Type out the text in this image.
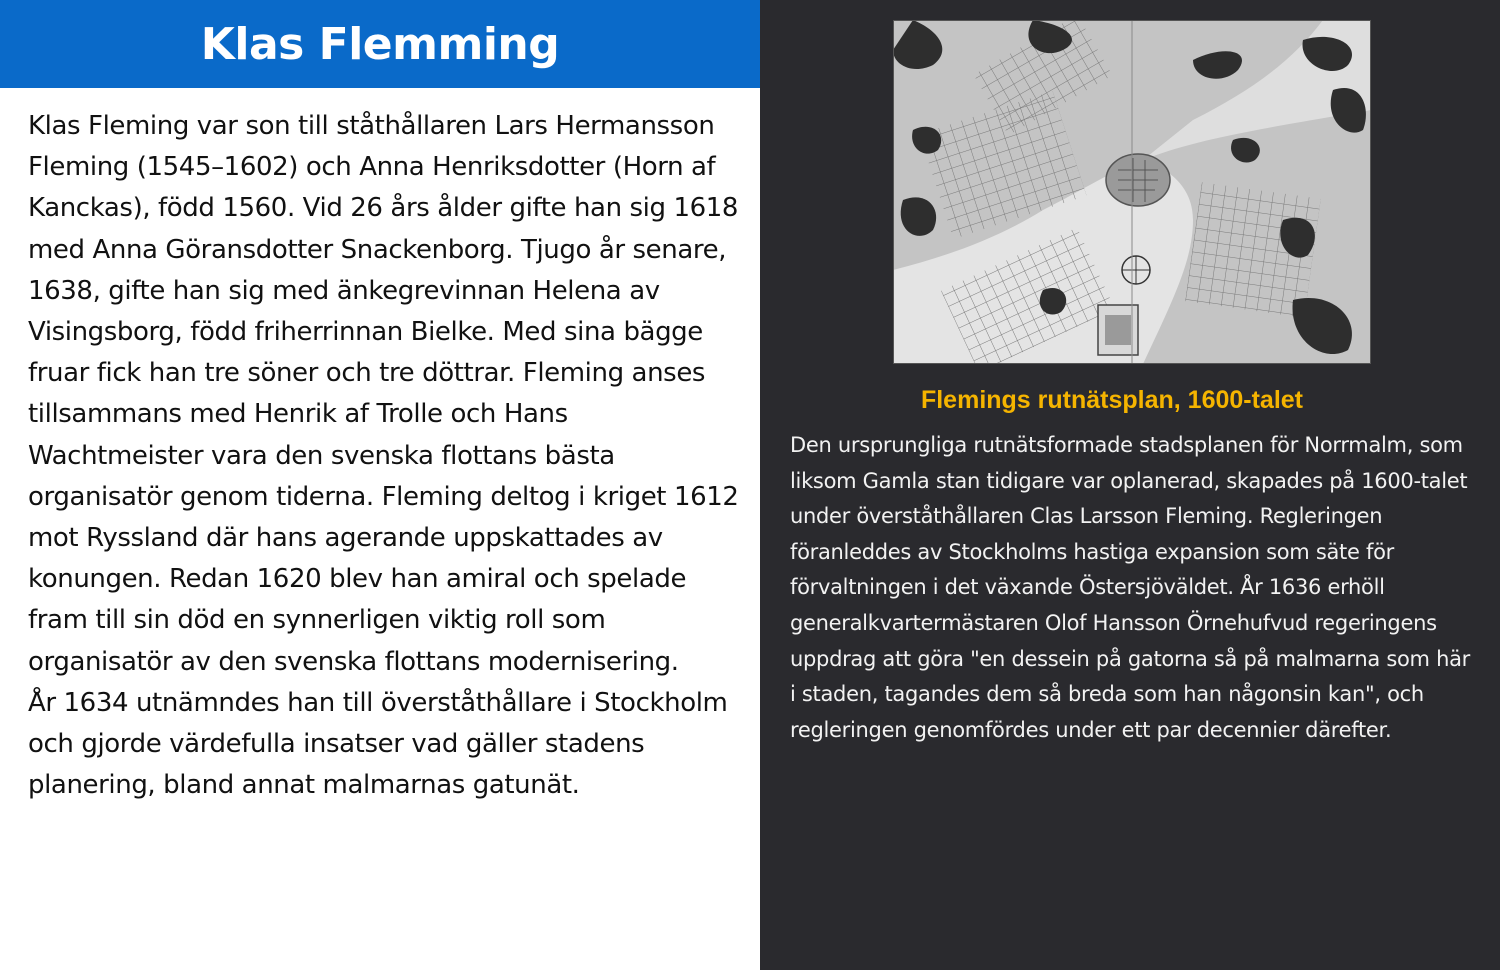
Klas Flemming

Klas Fleming var son till ståthållaren Lars Hermansson Fleming (1545–1602) och Anna Henriksdotter (Horn af Kanckas), född 1560. Vid 26 års ålder gifte han sig 1618 med Anna Göransdotter Snackenborg. Tjugo år senare, 1638, gifte han sig med änkegrevinnan Helena av Visingsborg, född friherrinnan Bielke. Med sina bägge fruar fick han tre söner och tre döttrar. Fleming anses tillsammans med Henrik af Trolle och Hans Wachtmeister vara den svenska flottans bästa organisatör genom tiderna. Fleming deltog i kriget 1612 mot Ryssland där hans agerande uppskattades av konungen. Redan 1620 blev han amiral och spelade fram till sin död en synnerligen viktig roll som organisatör av den svenska flottans modernisering.

År 1634 utnämndes han till överståthållare i Stockholm och gjorde värdefulla insatser vad gäller stadens planering, bland annat malmarnas gatunät.

Flemings rutnätsplan, 1600-talet

Den ursprungliga rutnätsformade stadsplanen för Norrmalm, som liksom Gamla stan tidigare var oplanerad, skapades på 1600-talet under överståthållaren Clas Larsson Fleming. Regleringen föranleddes av Stockholms hastiga expansion som säte för förvaltningen i det växande Östersjöväldet. År 1636 erhöll generalkvartermästaren Olof Hansson Örnehufvud regeringens uppdrag att göra "en dessein på gatorna så på malmarna som här i staden, tagandes dem så breda som han någonsin kan", och regleringen genomfördes under ett par decennier därefter.
